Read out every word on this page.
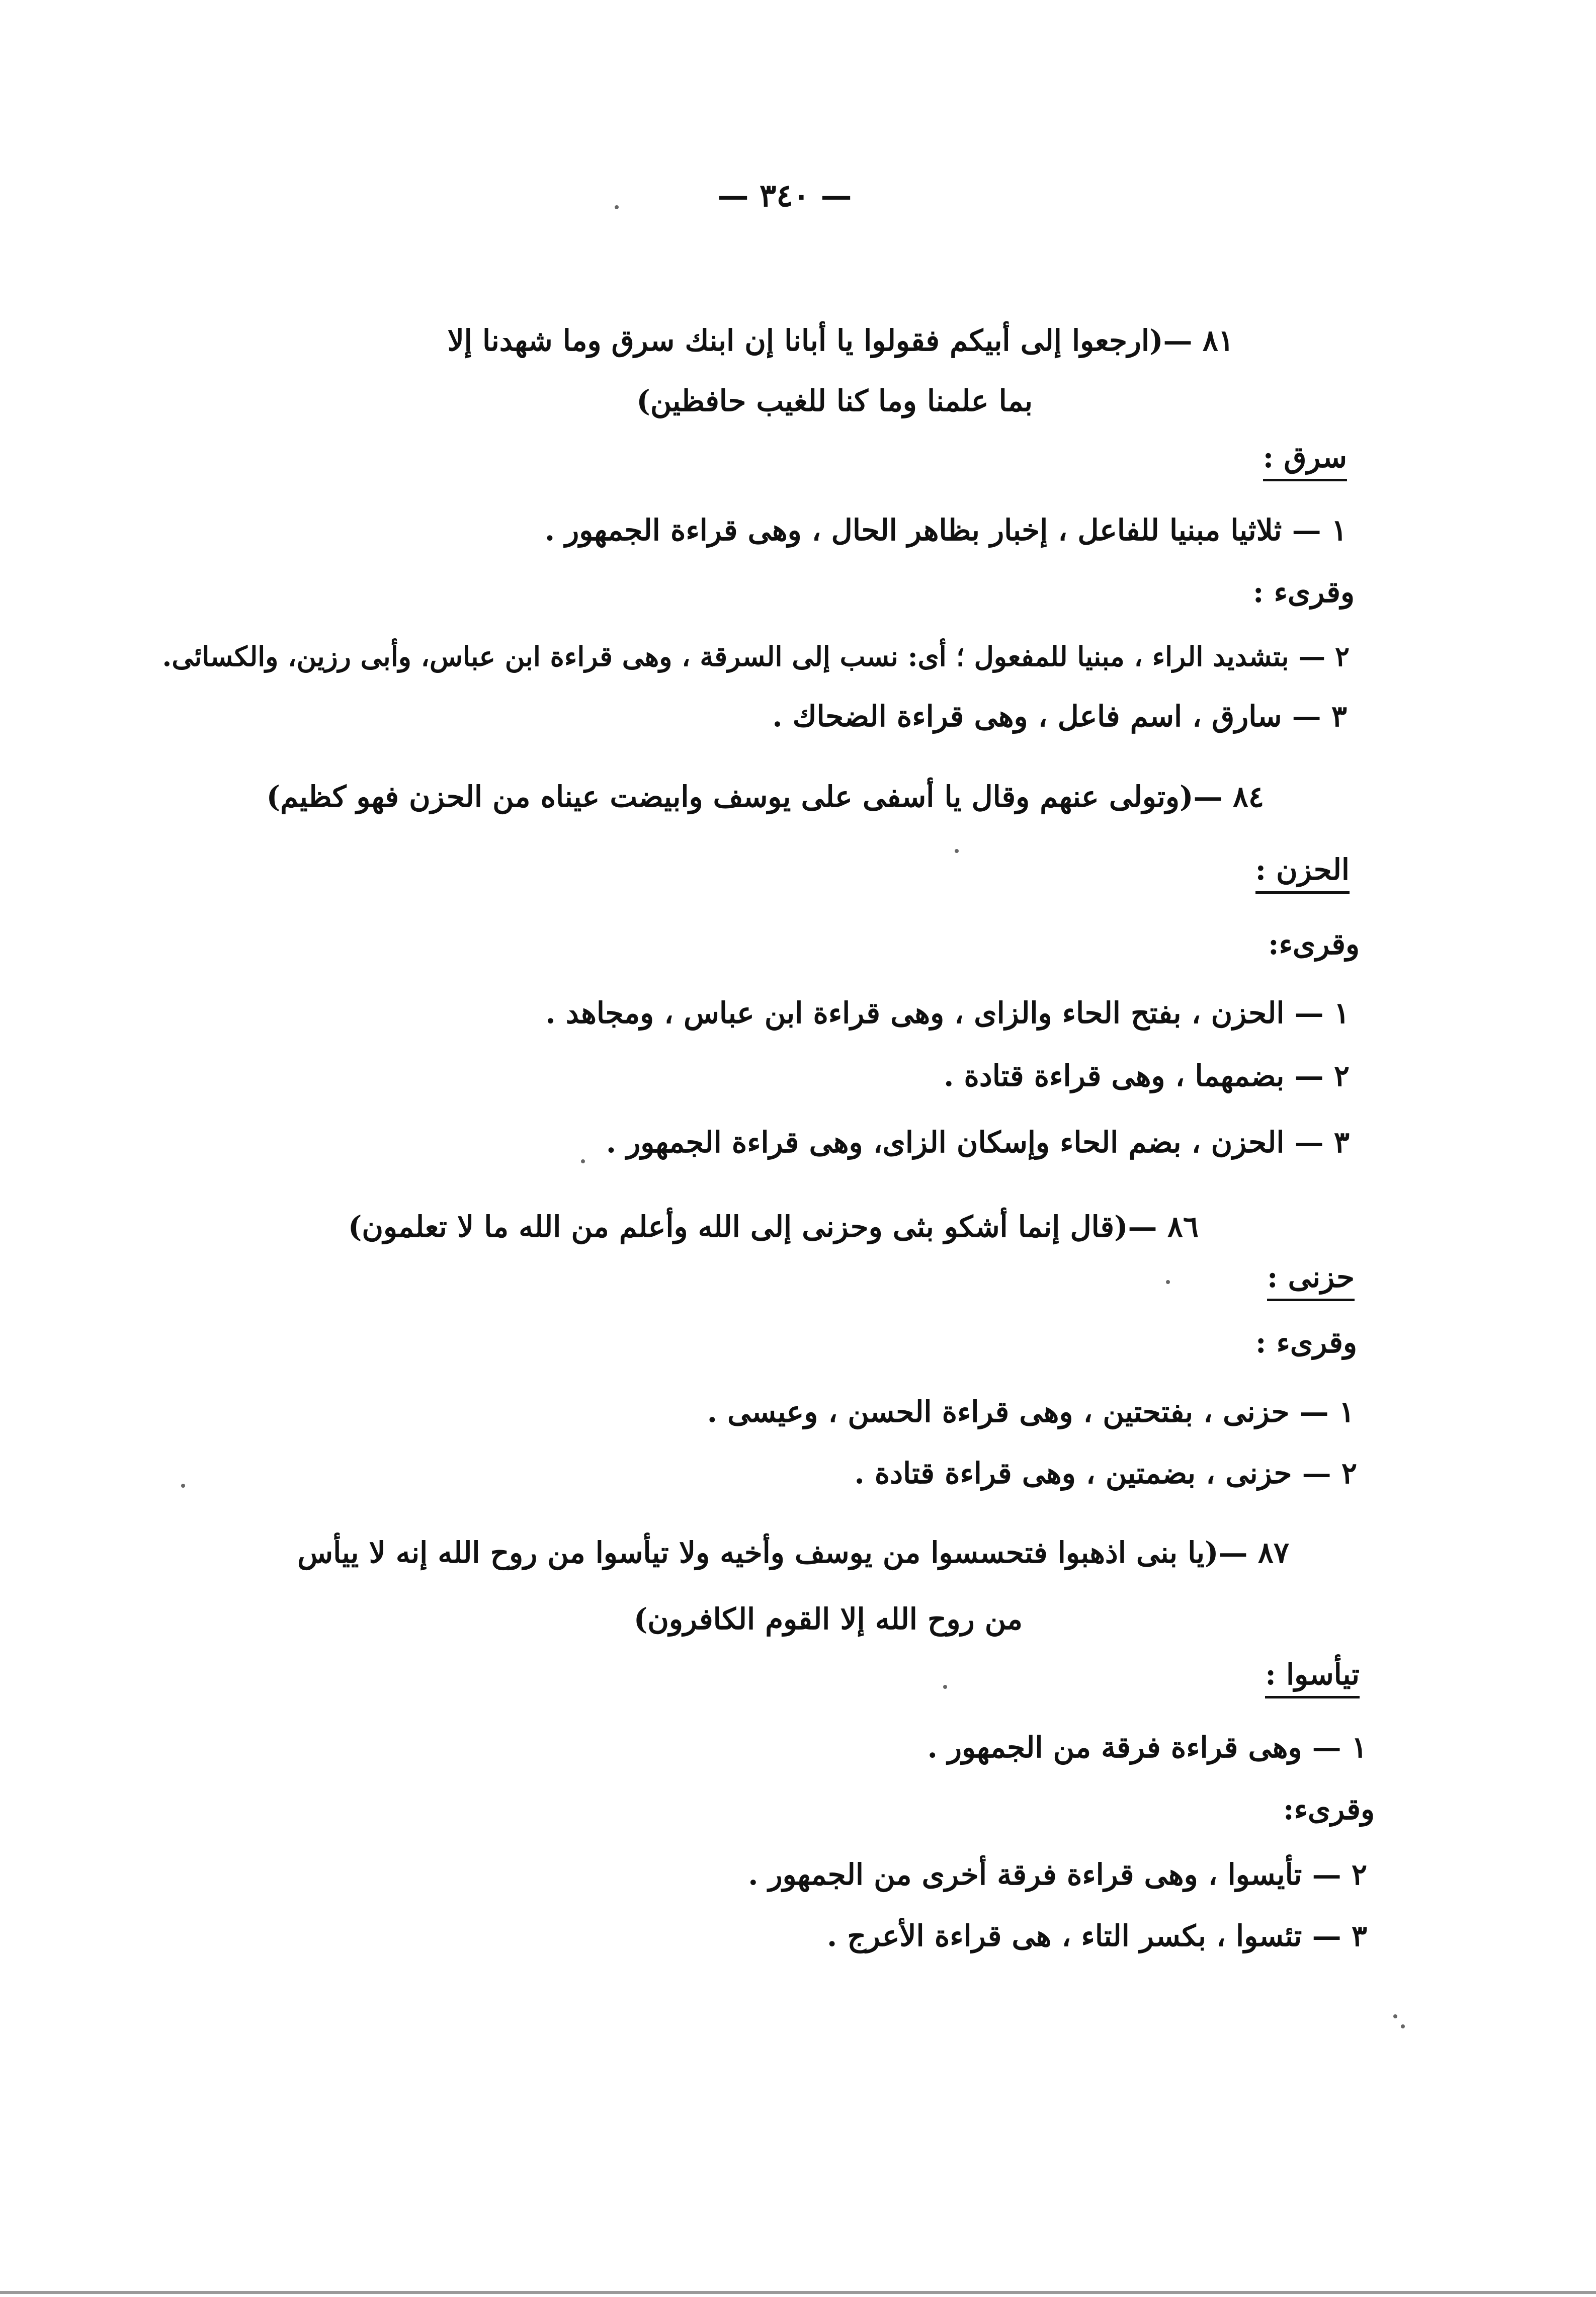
— ٣٤٠ —
٨١ —(ارجعوا إلى أبيكم فقولوا يا أبانا إن ابنك سرق وما شهدنا إلا
بما علمنا وما كنا للغيب حافظين)
سرق :
١ — ثلاثيا مبنيا للفاعل ، إخبار بظاهر الحال ، وهى قراءة الجمهور .
وقرىء :
٢ — بتشديد الراء ، مبنيا للمفعول ؛ أى: نسب إلى السرقة ، وهى قراءة ابن عباس، وأبى رزين، والكسائى.
٣ — سارق ، اسم فاعل ، وهى قراءة الضحاك .
٨٤ —(وتولى عنهم وقال يا أسفى على يوسف وابيضت عيناه من الحزن فهو كظيم)
الحزن :
وقرىء:
١ — الحزن ، بفتح الحاء والزاى ، وهى قراءة ابن عباس ، ومجاهد .
٢ — بضمهما ، وهى قراءة قتادة .
٣ — الحزن ، بضم الحاء وإسكان الزاى، وهى قراءة الجمهور .
٨٦ —(قال إنما أشكو بثى وحزنى إلى الله وأعلم من الله ما لا تعلمون)
حزنى :
وقرىء :
١ — حزنى ، بفتحتين ، وهى قراءة الحسن ، وعيسى .
٢ — حزنى ، بضمتين ، وهى قراءة قتادة .
٨٧ —(يا بنى اذهبوا فتحسسوا من يوسف وأخيه ولا تيأسوا من روح الله إنه لا ييأس
من روح الله إلا القوم الكافرون)
تيأسوا :
١ — وهى قراءة فرقة من الجمهور .
وقرىء:
٢ — تأيسوا ، وهى قراءة فرقة أخرى من الجمهور .
٣ — تئسوا ، بكسر التاء ، هى قراءة الأعرج .
